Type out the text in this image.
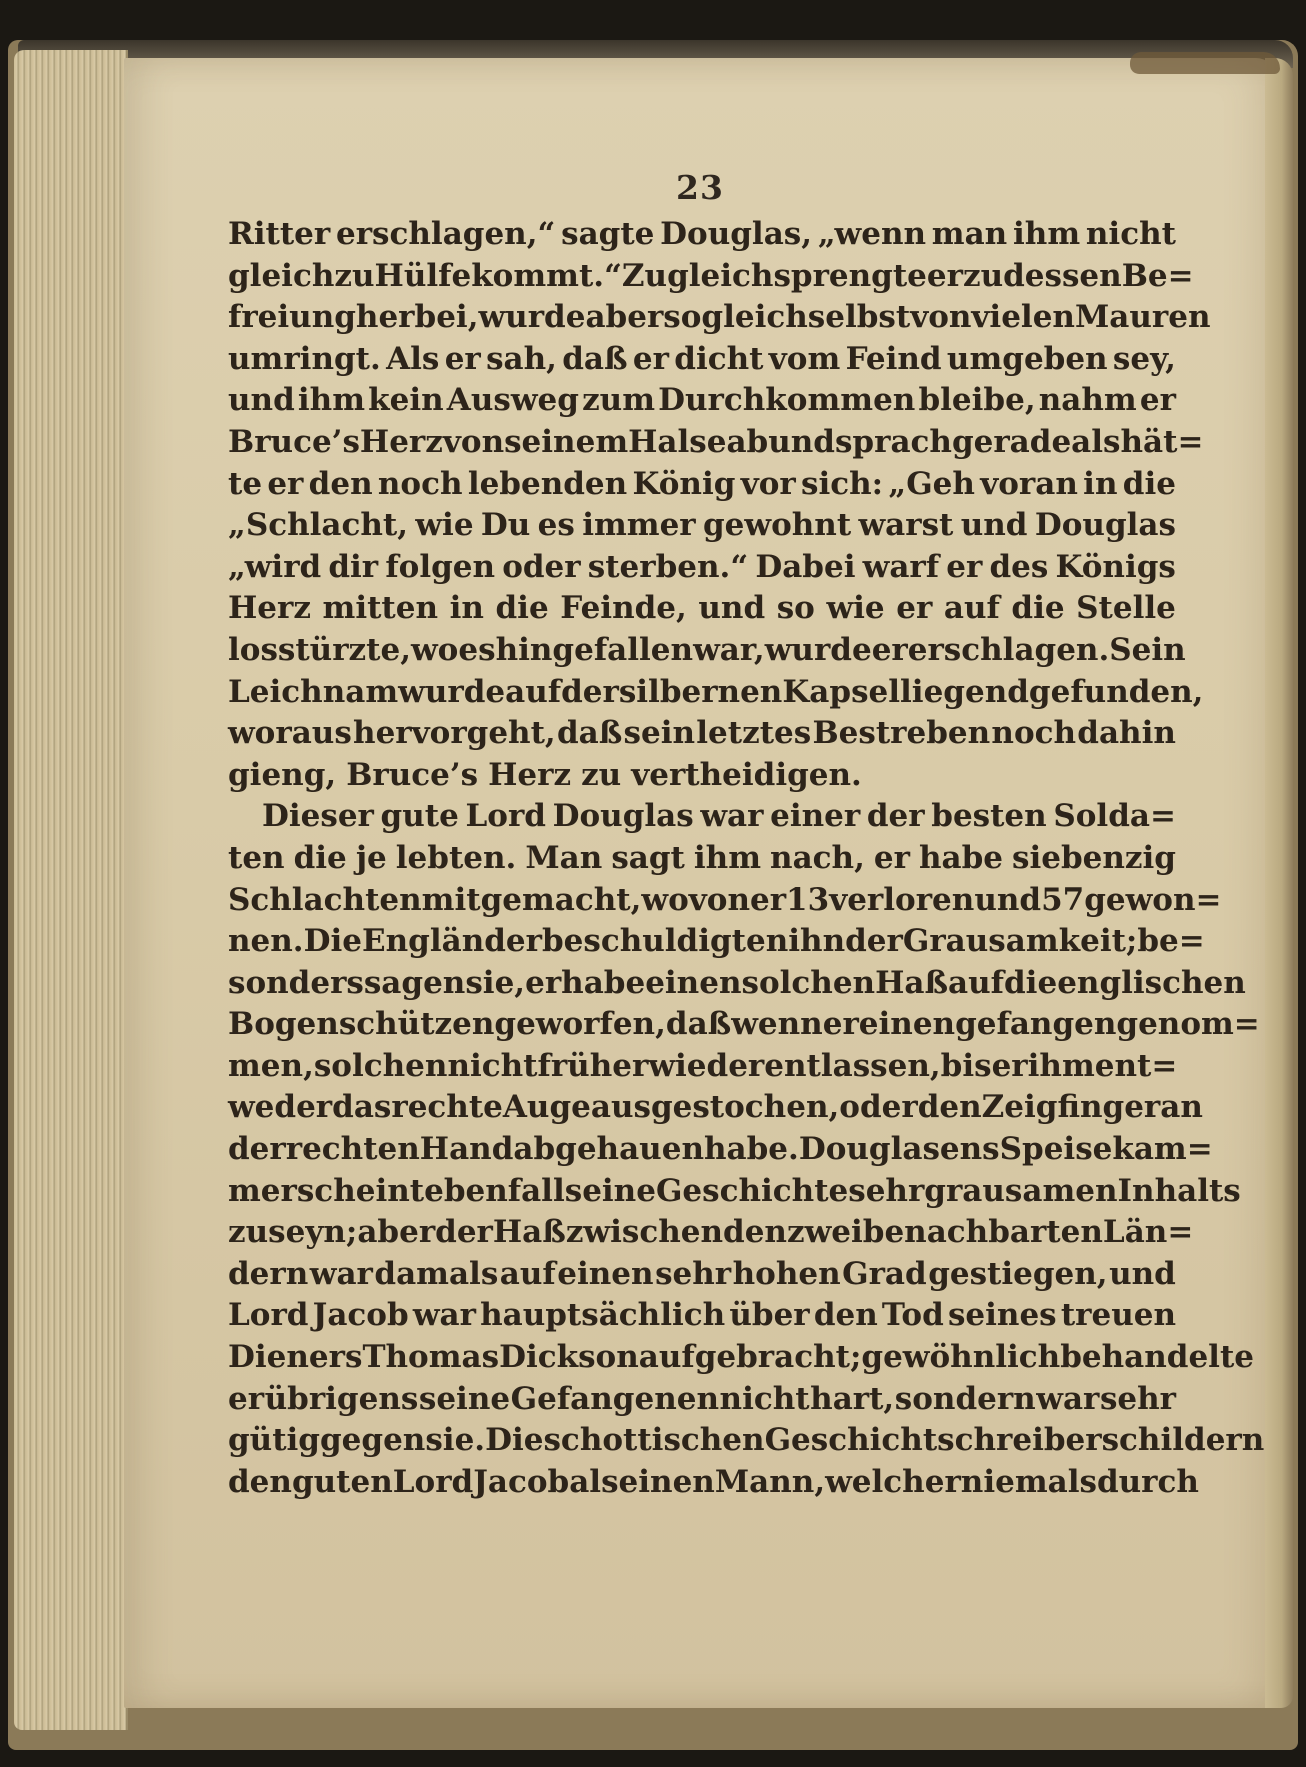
23
Ritter erschlagen,“ sagte Douglas, „wenn man ihm nicht
gleich zu Hülfe kommt.“ Zugleich sprengte er zu dessen Be=
freiung herbei, wurde aber sogleich selbst von vielen Mauren
umringt. Als er sah, daß er dicht vom Feind umgeben sey,
und ihm kein Ausweg zum Durchkommen bleibe, nahm er
Bruce’s Herz von seinem Halse ab und sprach gerade als hät=
te er den noch lebenden König vor sich: „Geh voran in die
„Schlacht, wie Du es immer gewohnt warst und Douglas
„wird dir folgen oder sterben.“ Dabei warf er des Königs
Herz mitten in die Feinde, und so wie er auf die Stelle
losstürzte, wo es hingefallen war, wurde er erschlagen. Sein
Leichnam wurde auf der silbernen Kapsel liegend gefunden,
woraus hervorgeht, daß sein letztes Bestreben noch dahin
gieng, Bruce’s Herz zu vertheidigen.
Dieser gute Lord Douglas war einer der besten Solda=
ten die je lebten. Man sagt ihm nach, er habe siebenzig
Schlachten mitgemacht, wovon er 13 verloren und 57 gewon=
nen. Die Engländer beschuldigten ihn der Grausamkeit; be=
sonders sagen sie, er habe einen solchen Haß auf die englischen
Bogenschützen geworfen, daß wenn er einen gefangen genom=
men, solchen nicht früher wieder entlassen, bis er ihm ent=
weder das rechte Auge ausgestochen, oder den Zeigfinger an
der rechten Hand abgehauen habe. Douglasens Speisekam=
mer scheint ebenfalls eine Geschichte sehr grausamen Inhalts
zu seyn; aber der Haß zwischen den zwei benachbarten Län=
dern war damals auf einen sehr hohen Grad gestiegen, und
Lord Jacob war hauptsächlich über den Tod seines treuen
Dieners Thomas Dickson aufgebracht; gewöhnlich behandelte
er übrigens seine Gefangenen nicht hart, sondern war sehr
gütig gegen sie. Die schottischen Geschichtschreiber schildern
den guten Lord Jacob als einen Mann, welcher niemals durch
